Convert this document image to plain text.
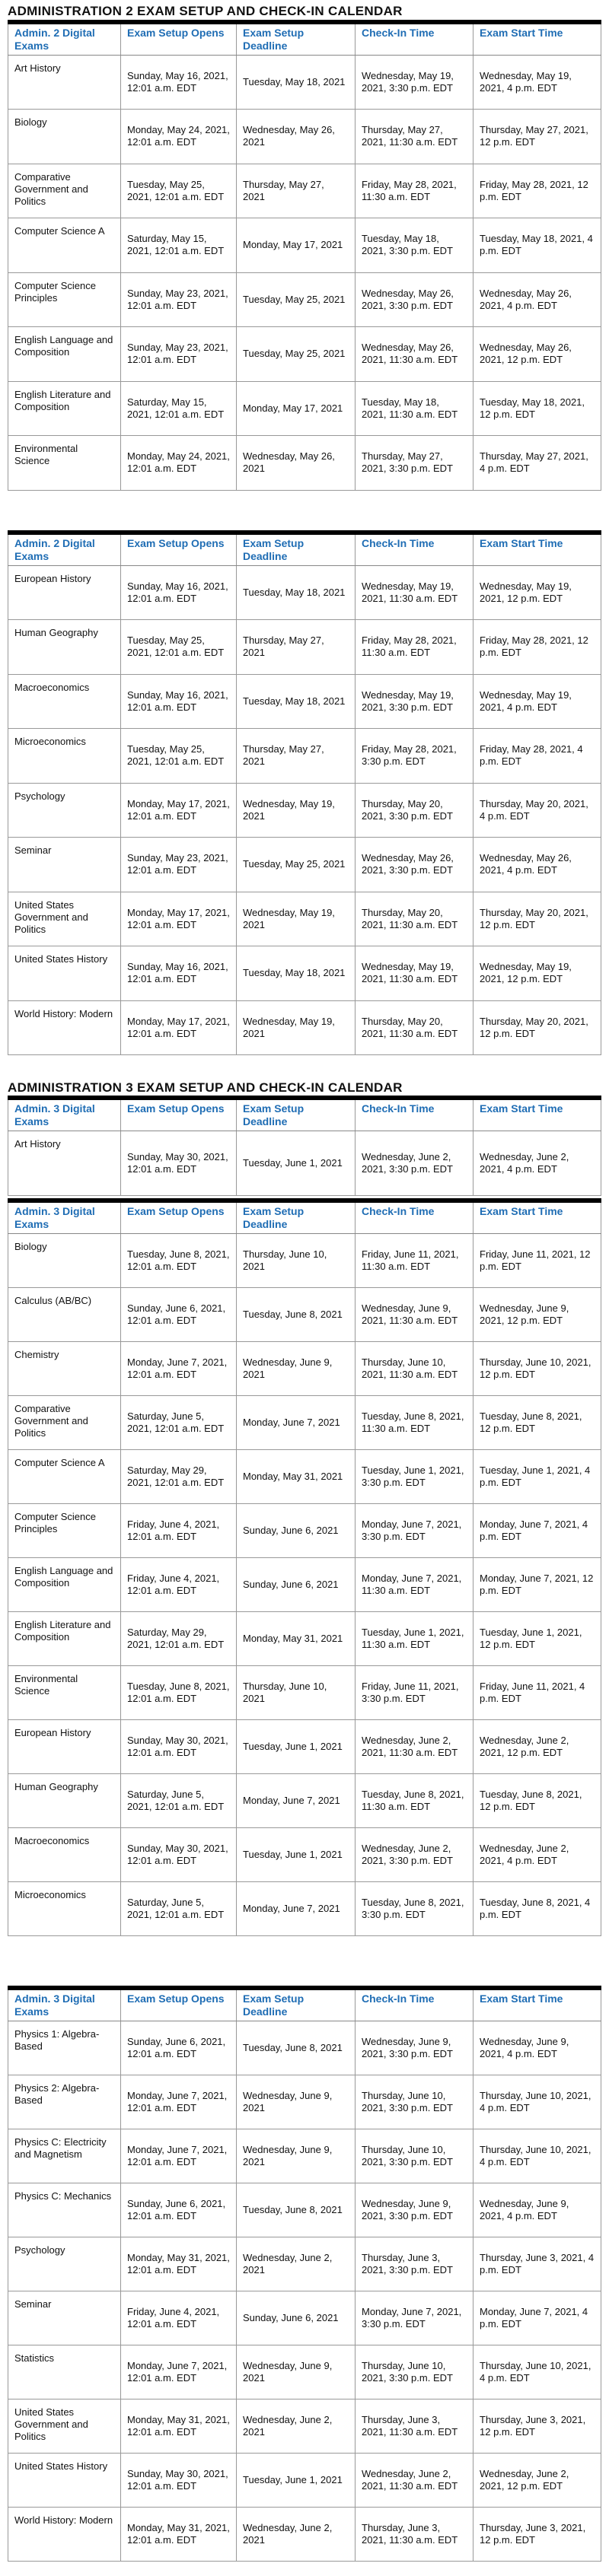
ADMINISTRATION 2 EXAM SETUP AND CHECK-IN CALENDAR
ADMINISTRATION 3 EXAM SETUP AND CHECK-IN CALENDAR
Admin. 2 Digital Exams	Exam Setup Opens	Exam Setup Deadline	Check-In Time	Exam Start Time
Art History	Sunday, May 16, 2021, 12:01 a.m. EDT	Tuesday, May 18, 2021	Wednesday, May 19, 2021, 3:30 p.m. EDT	Wednesday, May 19, 2021, 4 p.m. EDT
Biology	Monday, May 24, 2021, 12:01 a.m. EDT	Wednesday, May 26, 2021	Thursday, May 27, 2021, 11:30 a.m. EDT	Thursday, May 27, 2021, 12 p.m. EDT
Comparative Government and Politics	Tuesday, May 25, 2021, 12:01 a.m. EDT	Thursday, May 27, 2021	Friday, May 28, 2021, 11:30 a.m. EDT	Friday, May 28, 2021, 12 p.m. EDT
Computer Science A	Saturday, May 15, 2021, 12:01 a.m. EDT	Monday, May 17, 2021	Tuesday, May 18, 2021, 3:30 p.m. EDT	Tuesday, May 18, 2021, 4 p.m. EDT
Computer Science Principles	Sunday, May 23, 2021, 12:01 a.m. EDT	Tuesday, May 25, 2021	Wednesday, May 26, 2021, 3:30 p.m. EDT	Wednesday, May 26, 2021, 4 p.m. EDT
English Language and Composition	Sunday, May 23, 2021, 12:01 a.m. EDT	Tuesday, May 25, 2021	Wednesday, May 26, 2021, 11:30 a.m. EDT	Wednesday, May 26, 2021, 12 p.m. EDT
English Literature and Composition	Saturday, May 15, 2021, 12:01 a.m. EDT	Monday, May 17, 2021	Tuesday, May 18, 2021, 11:30 a.m. EDT	Tuesday, May 18, 2021, 12 p.m. EDT
Environmental Science	Monday, May 24, 2021, 12:01 a.m. EDT	Wednesday, May 26, 2021	Thursday, May 27, 2021, 3:30 p.m. EDT	Thursday, May 27, 2021, 4 p.m. EDT
Admin. 2 Digital Exams	Exam Setup Opens	Exam Setup Deadline	Check-In Time	Exam Start Time
European History	Sunday, May 16, 2021, 12:01 a.m. EDT	Tuesday, May 18, 2021	Wednesday, May 19, 2021, 11:30 a.m. EDT	Wednesday, May 19, 2021, 12 p.m. EDT
Human Geography	Tuesday, May 25, 2021, 12:01 a.m. EDT	Thursday, May 27, 2021	Friday, May 28, 2021, 11:30 a.m. EDT	Friday, May 28, 2021, 12 p.m. EDT
Macroeconomics	Sunday, May 16, 2021, 12:01 a.m. EDT	Tuesday, May 18, 2021	Wednesday, May 19, 2021, 3:30 p.m. EDT	Wednesday, May 19, 2021, 4 p.m. EDT
Microeconomics	Tuesday, May 25, 2021, 12:01 a.m. EDT	Thursday, May 27, 2021	Friday, May 28, 2021, 3:30 p.m. EDT	Friday, May 28, 2021, 4 p.m. EDT
Psychology	Monday, May 17, 2021, 12:01 a.m. EDT	Wednesday, May 19, 2021	Thursday, May 20, 2021, 3:30 p.m. EDT	Thursday, May 20, 2021, 4 p.m. EDT
Seminar	Sunday, May 23, 2021, 12:01 a.m. EDT	Tuesday, May 25, 2021	Wednesday, May 26, 2021, 3:30 p.m. EDT	Wednesday, May 26, 2021, 4 p.m. EDT
United States Government and Politics	Monday, May 17, 2021, 12:01 a.m. EDT	Wednesday, May 19, 2021	Thursday, May 20, 2021, 11:30 a.m. EDT	Thursday, May 20, 2021, 12 p.m. EDT
United States History	Sunday, May 16, 2021, 12:01 a.m. EDT	Tuesday, May 18, 2021	Wednesday, May 19, 2021, 11:30 a.m. EDT	Wednesday, May 19, 2021, 12 p.m. EDT
World History: Modern	Monday, May 17, 2021, 12:01 a.m. EDT	Wednesday, May 19, 2021	Thursday, May 20, 2021, 11:30 a.m. EDT	Thursday, May 20, 2021, 12 p.m. EDT
Admin. 3 Digital Exams	Exam Setup Opens	Exam Setup Deadline	Check-In Time	Exam Start Time
Art History	Sunday, May 30, 2021, 12:01 a.m. EDT	Tuesday, June 1, 2021	Wednesday, June 2, 2021, 3:30 p.m. EDT	Wednesday, June 2, 2021, 4 p.m. EDT
Admin. 3 Digital Exams	Exam Setup Opens	Exam Setup Deadline	Check-In Time	Exam Start Time
Biology	Tuesday, June 8, 2021, 12:01 a.m. EDT	Thursday, June 10, 2021	Friday, June 11, 2021, 11:30 a.m. EDT	Friday, June 11, 2021, 12 p.m. EDT
Calculus (AB/BC)	Sunday, June 6, 2021, 12:01 a.m. EDT	Tuesday, June 8, 2021	Wednesday, June 9, 2021, 11:30 a.m. EDT	Wednesday, June 9, 2021, 12 p.m. EDT
Chemistry	Monday, June 7, 2021, 12:01 a.m. EDT	Wednesday, June 9, 2021	Thursday, June 10, 2021, 11:30 a.m. EDT	Thursday, June 10, 2021, 12 p.m. EDT
Comparative Government and Politics	Saturday, June 5, 2021, 12:01 a.m. EDT	Monday, June 7, 2021	Tuesday, June 8, 2021, 11:30 a.m. EDT	Tuesday, June 8, 2021, 12 p.m. EDT
Computer Science A	Saturday, May 29, 2021, 12:01 a.m. EDT	Monday, May 31, 2021	Tuesday, June 1, 2021, 3:30 p.m. EDT	Tuesday, June 1, 2021, 4 p.m. EDT
Computer Science Principles	Friday, June 4, 2021, 12:01 a.m. EDT	Sunday, June 6, 2021	Monday, June 7, 2021, 3:30 p.m. EDT	Monday, June 7, 2021, 4 p.m. EDT
English Language and Composition	Friday, June 4, 2021, 12:01 a.m. EDT	Sunday, June 6, 2021	Monday, June 7, 2021, 11:30 a.m. EDT	Monday, June 7, 2021, 12 p.m. EDT
English Literature and Composition	Saturday, May 29, 2021, 12:01 a.m. EDT	Monday, May 31, 2021	Tuesday, June 1, 2021, 11:30 a.m. EDT	Tuesday, June 1, 2021, 12 p.m. EDT
Environmental Science	Tuesday, June 8, 2021, 12:01 a.m. EDT	Thursday, June 10, 2021	Friday, June 11, 2021, 3:30 p.m. EDT	Friday, June 11, 2021, 4 p.m. EDT
European History	Sunday, May 30, 2021, 12:01 a.m. EDT	Tuesday, June 1, 2021	Wednesday, June 2, 2021, 11:30 a.m. EDT	Wednesday, June 2, 2021, 12 p.m. EDT
Human Geography	Saturday, June 5, 2021, 12:01 a.m. EDT	Monday, June 7, 2021	Tuesday, June 8, 2021, 11:30 a.m. EDT	Tuesday, June 8, 2021, 12 p.m. EDT
Macroeconomics	Sunday, May 30, 2021, 12:01 a.m. EDT	Tuesday, June 1, 2021	Wednesday, June 2, 2021, 3:30 p.m. EDT	Wednesday, June 2, 2021, 4 p.m. EDT
Microeconomics	Saturday, June 5, 2021, 12:01 a.m. EDT	Monday, June 7, 2021	Tuesday, June 8, 2021, 3:30 p.m. EDT	Tuesday, June 8, 2021, 4 p.m. EDT
Admin. 3 Digital Exams	Exam Setup Opens	Exam Setup Deadline	Check-In Time	Exam Start Time
Physics 1: Algebra-Based	Sunday, June 6, 2021, 12:01 a.m. EDT	Tuesday, June 8, 2021	Wednesday, June 9, 2021, 3:30 p.m. EDT	Wednesday, June 9, 2021, 4 p.m. EDT
Physics 2: Algebra-Based	Monday, June 7, 2021, 12:01 a.m. EDT	Wednesday, June 9, 2021	Thursday, June 10, 2021, 3:30 p.m. EDT	Thursday, June 10, 2021, 4 p.m. EDT
Physics C: Electricity and Magnetism	Monday, June 7, 2021, 12:01 a.m. EDT	Wednesday, June 9, 2021	Thursday, June 10, 2021, 3:30 p.m. EDT	Thursday, June 10, 2021, 4 p.m. EDT
Physics C: Mechanics	Sunday, June 6, 2021, 12:01 a.m. EDT	Tuesday, June 8, 2021	Wednesday, June 9, 2021, 3:30 p.m. EDT	Wednesday, June 9, 2021, 4 p.m. EDT
Psychology	Monday, May 31, 2021, 12:01 a.m. EDT	Wednesday, June 2, 2021	Thursday, June 3, 2021, 3:30 p.m. EDT	Thursday, June 3, 2021, 4 p.m. EDT
Seminar	Friday, June 4, 2021, 12:01 a.m. EDT	Sunday, June 6, 2021	Monday, June 7, 2021, 3:30 p.m. EDT	Monday, June 7, 2021, 4 p.m. EDT
Statistics	Monday, June 7, 2021, 12:01 a.m. EDT	Wednesday, June 9, 2021	Thursday, June 10, 2021, 3:30 p.m. EDT	Thursday, June 10, 2021, 4 p.m. EDT
United States Government and Politics	Monday, May 31, 2021, 12:01 a.m. EDT	Wednesday, June 2, 2021	Thursday, June 3, 2021, 11:30 a.m. EDT	Thursday, June 3, 2021, 12 p.m. EDT
United States History	Sunday, May 30, 2021, 12:01 a.m. EDT	Tuesday, June 1, 2021	Wednesday, June 2, 2021, 11:30 a.m. EDT	Wednesday, June 2, 2021, 12 p.m. EDT
World History: Modern	Monday, May 31, 2021, 12:01 a.m. EDT	Wednesday, June 2, 2021	Thursday, June 3, 2021, 11:30 a.m. EDT	Thursday, June 3, 2021, 12 p.m. EDT
